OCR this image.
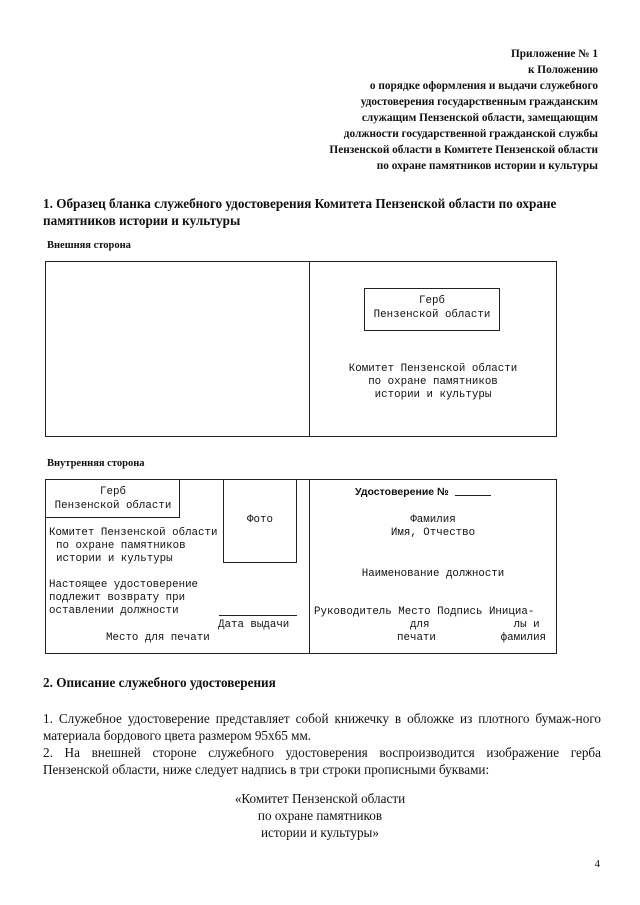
Приложение № 1
к Положению
о порядке оформления и выдачи служебного
удостоверения государственным гражданским
служащим Пензенской области, замещающим
должности государственной гражданской службы
Пензенской области в Комитете Пензенской области
по охране памятников истории и культуры
1. Образец бланка служебного удостоверения Комитета Пензенской области по охране памятников истории и культуры
Внешняя сторона
Герб
Пензенской области
Комитет Пензенской области
по охране памятников
истории и культуры
Внутренняя сторона
Герб
Пензенской области
Фото
Комитет Пензенской области
по охране памятников
истории и культуры
Настоящее удостоверение
подлежит возврату при
оставлении должности
Дата выдачи
Место для печати
Удостоверение №
Фамилия
Имя, Отчество
Наименование должности
Руководитель Место Подпись Инициа-
для             лы и
печати          фамилия
2. Описание служебного удостоверения
1. Служебное удостоверение представляет собой книжечку в обложке из плотного бумаж-ного материала бордового цвета размером 95х65 мм.
2. На внешней стороне служебного удостоверения воспроизводится изображение герба Пензенской области, ниже следует надпись в три строки прописными буквами:
«Комитет Пензенской области
по охране памятников
истории и культуры»
4
